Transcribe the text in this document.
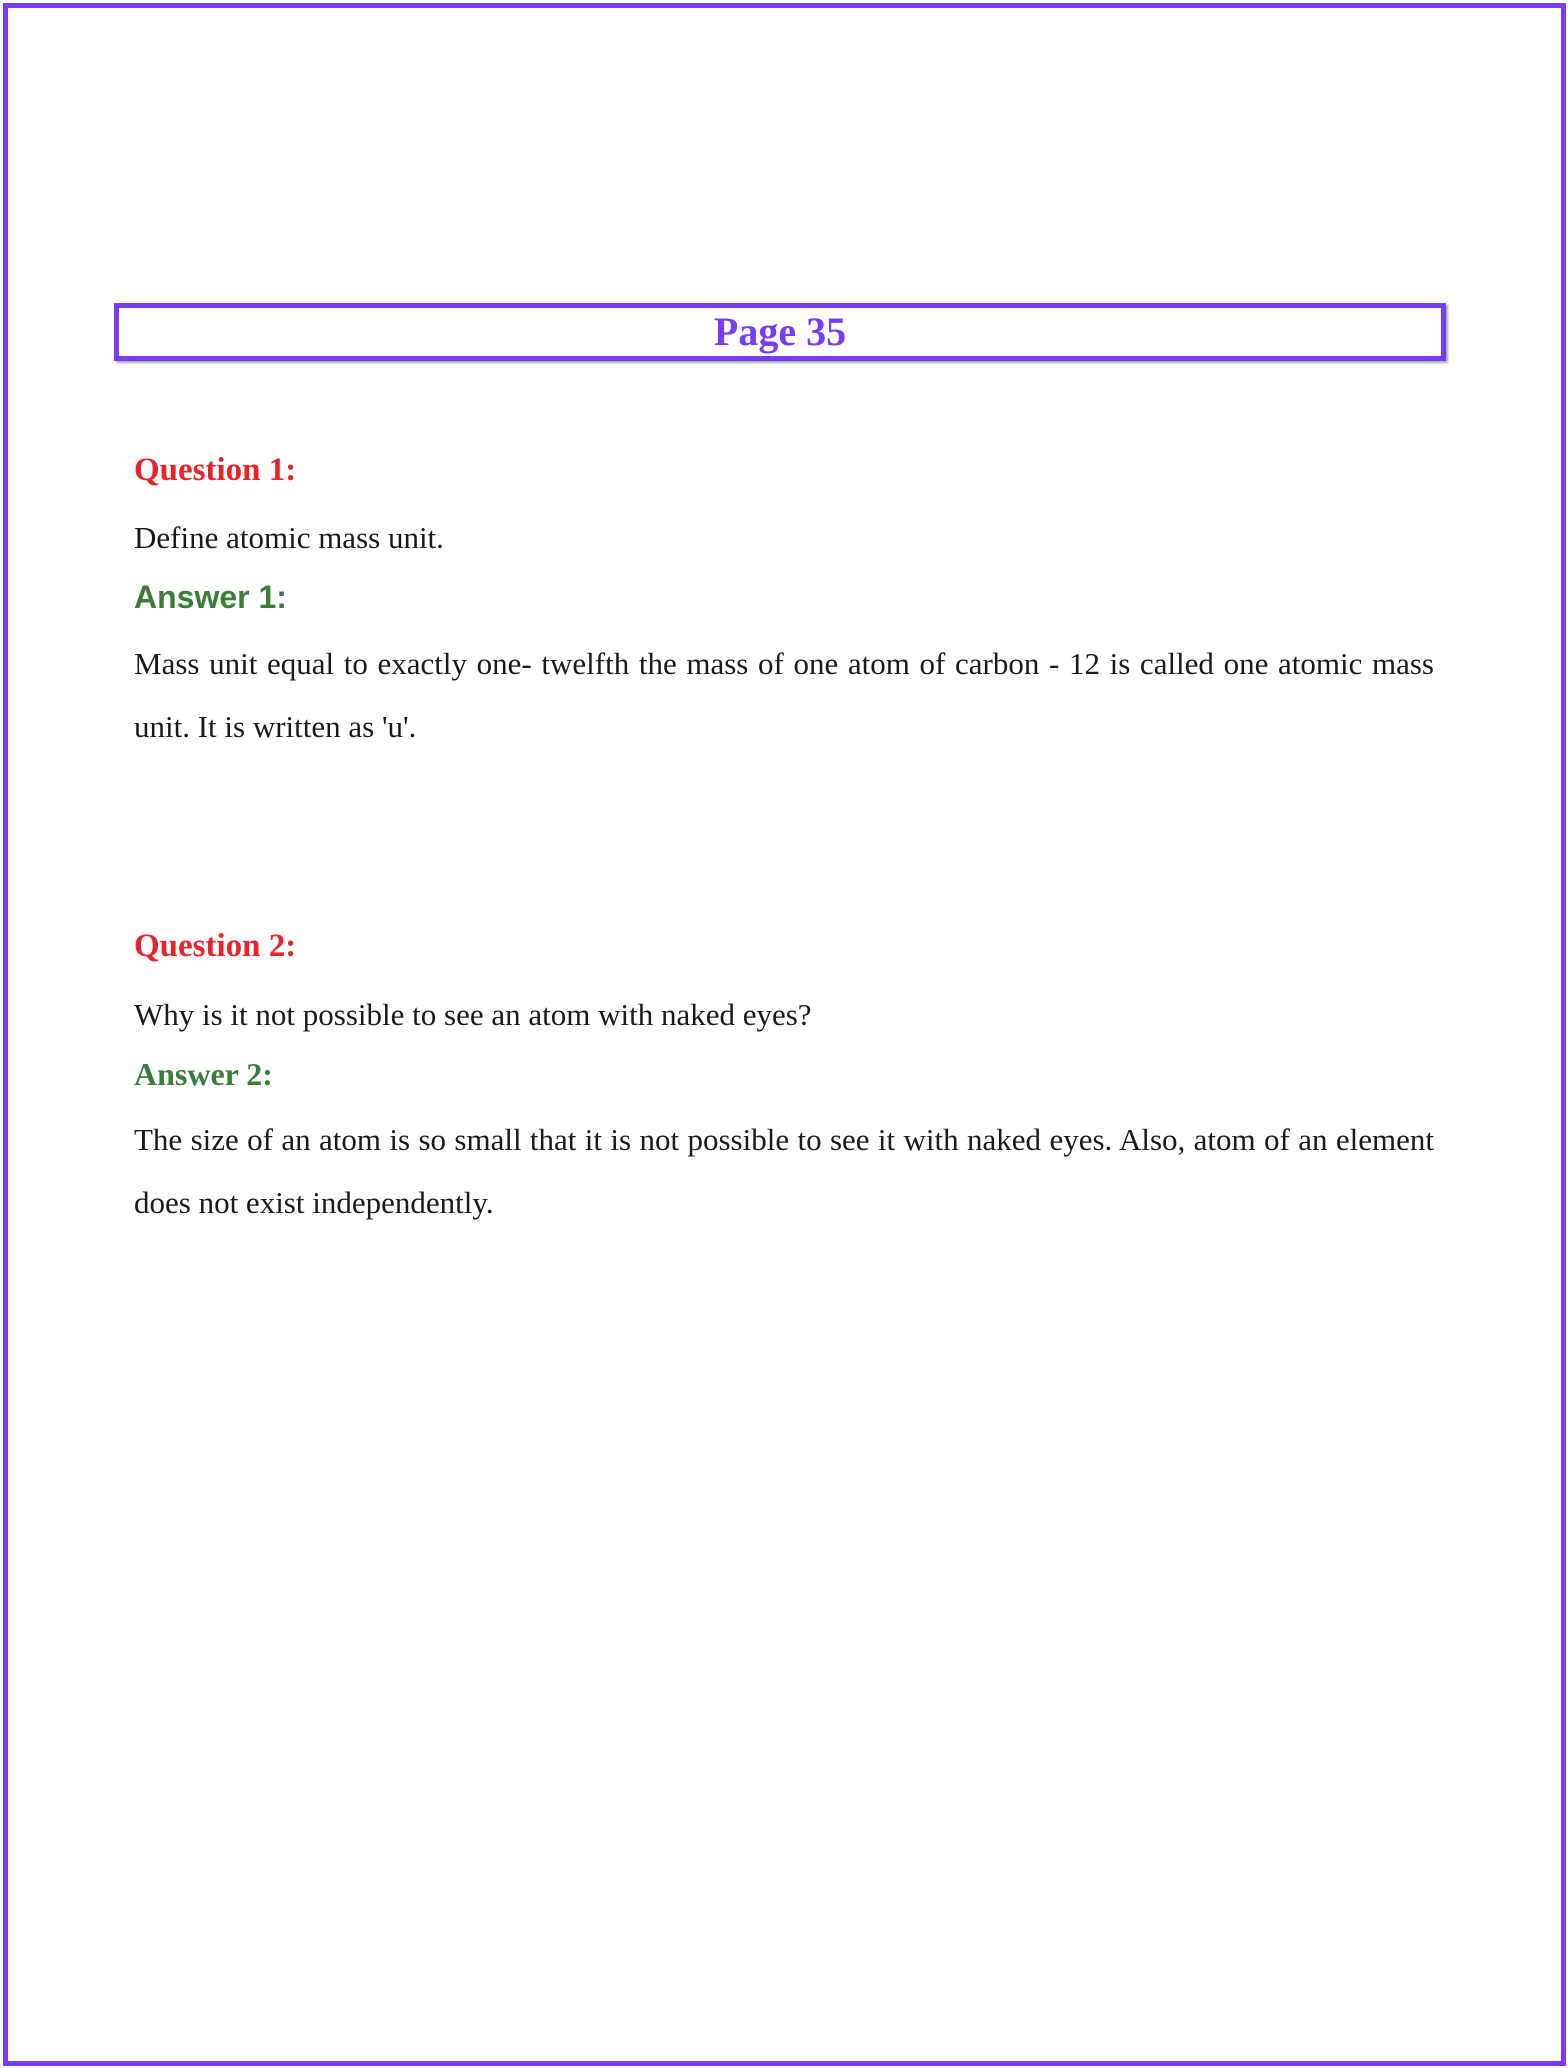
Page 35
Question 1:
Define atomic mass unit.
Answer 1:
Mass unit equal to exactly one- twelfth the mass of one atom of carbon - 12 is called one atomic mass unit. It is written as 'u'.
Question 2:
Why is it not possible to see an atom with naked eyes?
Answer 2:
The size of an atom is so small that it is not possible to see it with naked eyes. Also, atom of an element does not exist independently.
